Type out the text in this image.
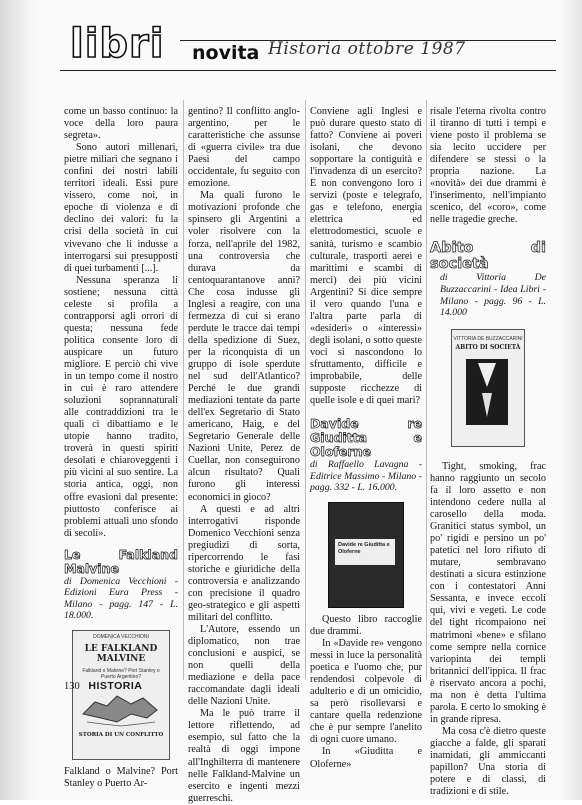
libri novita Historia ottobre 1987

come un basso continuo: la voce della loro paura segreta».

Sono autori millenari, pietre miliari che segnano i confini dei nostri labili territori ideali. Essi pure vissero, come noi, in epoche di violenza e di declino dei valori: fu la crisi della società in cui vivevano che li indusse a interrogarsi sui presupposti di quei turbamenti [...].

Nessuna speranza li sostiene; nessuna città celeste si profila a contrapporsi agli orrori di questa; nessuna fede politica consente loro di auspicare un futuro migliore. E perciò chi vive in un tempo come il nostro in cui è raro attendere soluzioni soprannaturali alle contraddizioni tra le quali ci dibattiamo e le utopie hanno tradito, troverà in questi spiriti desolati e chiaroveggenti i più vicini al suo sentire. La storia antica, oggi, non offre evasioni dal presente: piuttosto conferisce ai problemi attuali uno sfondo di secoli».

Le Falkland Malvine

di Domenica Vecchioni - Edizioni Eura Press - Milano - pagg. 147 - L. 18.000.

DOMENICA VECCHIONI
LE FALKLAND MALVINE
Falkland o Malvine? Port Stanley o Puerto Argentino?
STORIA DI UN CONFLITTO

Falkland o Malvine? Port Stanley o Puerto Ar-

gentino? Il conflitto anglo-argentino, per le caratteristiche che assunse di «guerra civile» tra due Paesi del campo occidentale, fu seguito con emozione.

Ma quali furono le motivazioni profonde che spinsero gli Argentini a voler risolvere con la forza, nell'aprile del 1982, una controversia che durava da centoquarantanove anni? Che cosa indusse gli Inglesi a reagire, con una fermezza di cui si erano perdute le tracce dai tempi della spedizione di Suez, per la riconquista di un gruppo di isole sperdute nel sud dell'Atlantico? Perché le due grandi mediazioni tentate da parte dell'ex Segretario di Stato americano, Haig, e del Segretario Generale delle Nazioni Unite, Perez de Cuellar, non conseguirono alcun risultato? Quali furono gli interessi economici in gioco?

A questi e ad altri interrogativi risponde Domenico Vecchioni senza pregiudizi di sorta, ripercorrendo le fasi storiche e giuridiche della controversia e analizzando con precisione il quadro geo-strategico e gli aspetti militari del conflitto.

L'Autore, essendo un diplomatico, non trae conclusioni e auspici, se non quelli della mediazione e della pace raccomandate dagli ideali delle Nazioni Unite.

Ma le può trarre il lettore riflettendo, ad esempio, sul fatto che la realtà di oggi impone all'Inghilterra di mantenere nelle Falkland-Malvine un esercito e ingenti mezzi guerreschi.

Conviene agli Inglesi e può durare questo stato di fatto? Conviene ai poveri isolani, che devono sopportare la contiguità e l'invadenza di un esercito? E non convengono loro i servizi (poste e telegrafo, gas e telefono, energia elettrica ed elettrodomestici, scuole e sanità, turismo e scambio culturale, trasporti aerei e marittimi e scambi di merci) dei più vicini Argentini? Si dice sempre il vero quando l'una e l'altra parte parla di «desideri» o «interessi» degli isolani, o sotto queste voci si nascondono lo sfruttamento, difficile e improbabile, delle supposte ricchezze di quelle isole e di quei mari?

Davide re Giuditta e Oloferne

di Raffaello Lavagna - Editrice Massimo - Milano - pagg. 332 - L. 16.000.

Davide re Giuditta e Oloferne

Questo libro raccoglie due drammi.

In «Davide re» vengono messi in luce la personalità poetica e l'uomo che, pur rendendosi colpevole di adulterio e di un omicidio, sa però risollevarsi e cantare quella redenzione che è pur sempre l'anelito di ogni cuore umano.

In «Giuditta e Oloferne»

risale l'eterna rivolta contro il tiranno di tutti i tempi e viene posto il problema se sia lecito uccidere per difendere se stessi o la propria nazione. La «novità» dei due drammi è l'inserimento, nell'impianto scenico, del «coro», come nelle tragedie greche.

Abito di società

di Vittoria De Buzzaccarini - Idea Libri - Milano - pagg. 96 - L. 14.000

VITTORIA DE BUZZACCARINI
ABITO DI SOCIETÀ

Tight, smoking, frac hanno raggiunto un secolo fa il loro assetto e non intendono cedere nulla al carosello della moda. Granitici status symbol, un po' rigidi e persino un po' patetici nel loro rifiuto di mutare, sembravano destinati a sicura estinzione con i contestatori Anni Sessanta, e invece eccoli qui, vivi e vegeti. Le code del tight ricompaiono nei matrimoni «bene» e sfilano come sempre nella cornice variopinta dei templi britannici dell'ippica. Il frac è riservato ancora a pochi, ma non è detta l'ultima parola. E certo lo smoking è in grande ripresa.

Ma cosa c'è dietro queste giacche a falde, gli sparati inamidati, gli ammiccanti papillon? Una storia di potere e di classi, di tradizioni e di stile.

130 HISTORIA
